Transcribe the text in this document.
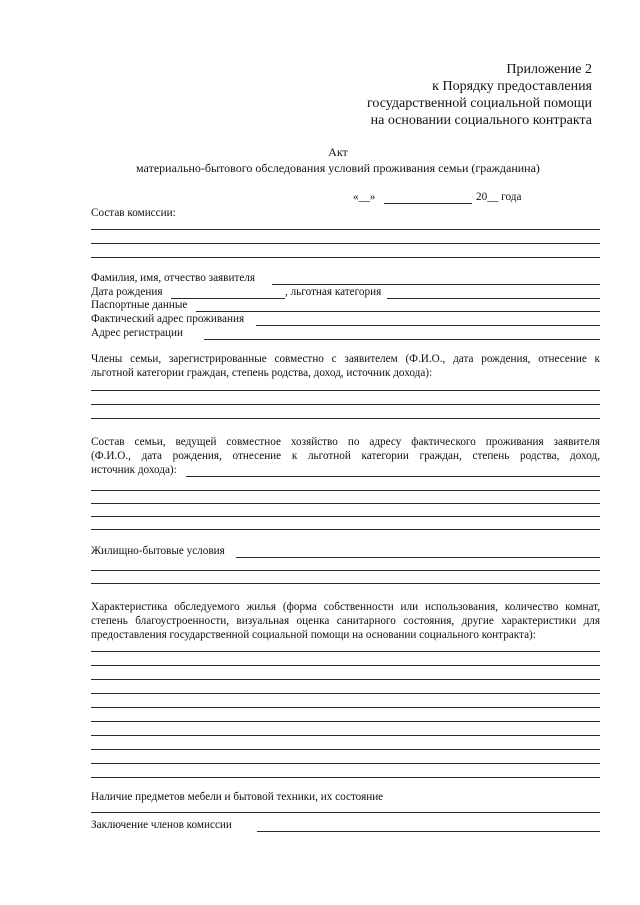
Приложение 2
к Порядку предоставления
государственной социальной помощи
на основании социального контракта
Акт
материально-бытового обследования условий проживания семьи (гражданина)
«__»	20__ года
Состав комиссии:
Фамилия, имя, отчество заявителя
Дата рождения	, льготная категория
Паспортные данные
Фактический адрес проживания
Адрес регистрации
Члены семьи, зарегистрированные совместно с заявителем (Ф.И.О., дата рождения, отнесение к
льготной категории граждан, степень родства, доход, источник дохода):
Состав семьи, ведущей совместное хозяйство по адресу фактического проживания заявителя
(Ф.И.О., дата рождения, отнесение к льготной категории граждан, степень родства, доход,
источник дохода):
Жилищно-бытовые условия
Характеристика обследуемого жилья (форма собственности или использования, количество комнат,
степень благоустроенности, визуальная оценка санитарного состояния, другие характеристики для
предоставления государственной социальной помощи на основании социального контракта):
Наличие предметов мебели и бытовой техники, их состояние
Заключение членов комиссии
